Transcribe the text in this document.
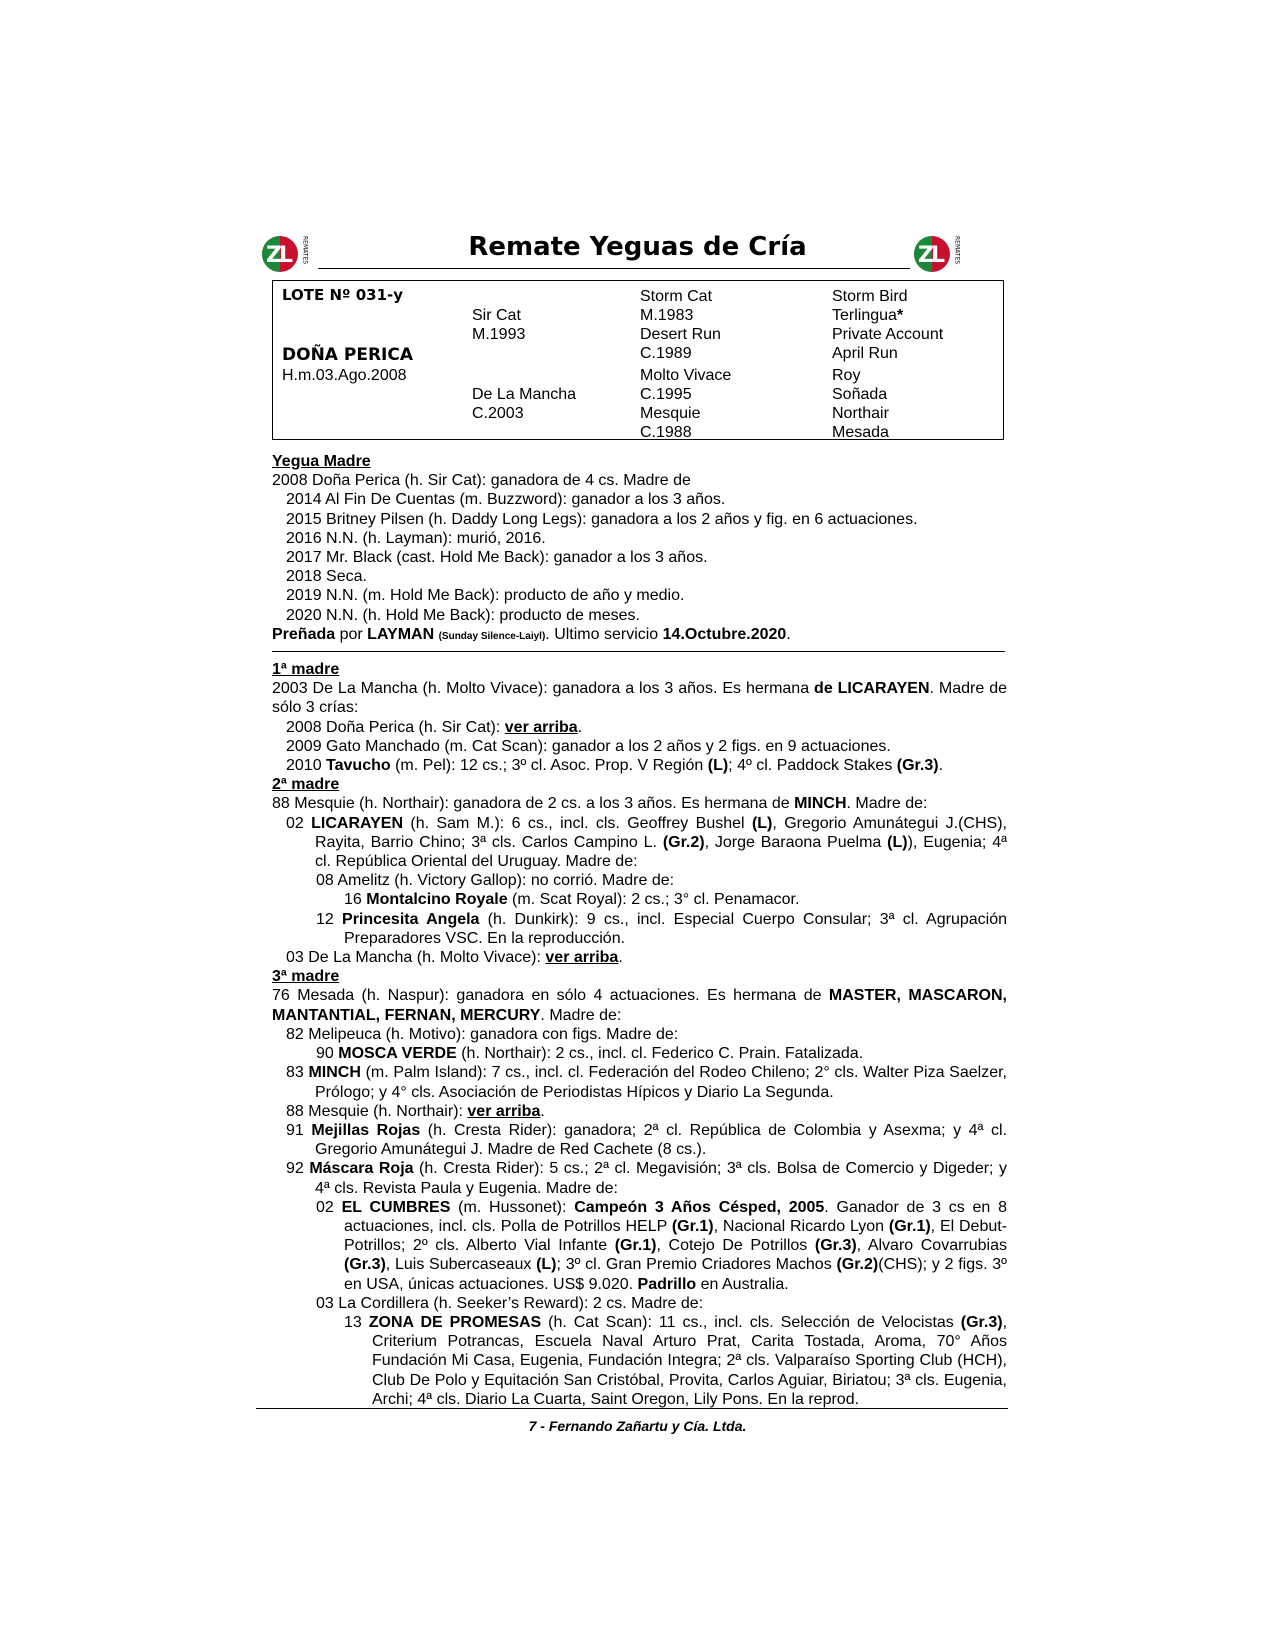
Z
L REMATES	Z
L REMATES
Remate Yeguas de Cría
LOTE Nº 031-y
DOÑA PERICA
H.m.03.Ago.2008
Sir Cat
M.1993
De La Mancha
C.2003
Storm Cat
M.1983
Desert Run
C.1989
Molto Vivace
C.1995
Mesquie
C.1988
Storm Bird
Terlingua*
Private Account
April Run
Roy
Soñada
Northair
Mesada

Yegua Madre

2008 Doña Perica (h. Sir Cat): ganadora de 4 cs. Madre de

2014 Al Fin De Cuentas (m. Buzzword): ganador a los 3 años.

2015 Britney Pilsen (h. Daddy Long Legs): ganadora a los 2 años y fig. en 6 actuaciones.

2016 N.N. (h. Layman): murió, 2016.

2017 Mr. Black (cast. Hold Me Back): ganador a los 3 años.

2018 Seca.

2019 N.N. (m. Hold Me Back): producto de año y medio.

2020 N.N. (h. Hold Me Back): producto de meses.

Preñada por LAYMAN (Sunday Silence-Laiyl). Ultimo servicio 14.Octubre.2020.

1ª madre

2003 De La Mancha (h. Molto Vivace): ganadora a los 3 años. Es hermana de LICARAYEN. Madre de sólo 3 crías:

2008 Doña Perica (h. Sir Cat): ver arriba.

2009 Gato Manchado (m. Cat Scan): ganador a los 2 años y 2 figs. en 9 actuaciones.

2010 Tavucho (m. Pel): 12 cs.; 3º cl. Asoc. Prop. V Región (L); 4º cl. Paddock Stakes (Gr.3).

2ª madre

88 Mesquie (h. Northair): ganadora de 2 cs. a los 3 años. Es hermana de MINCH. Madre de:

02 LICARAYEN (h. Sam M.): 6 cs., incl. cls. Geoffrey Bushel (L), Gregorio Amunátegui J.(CHS), Rayita, Barrio Chino; 3ª cls. Carlos Campino L. (Gr.2), Jorge Baraona Puelma (L)), Eugenia; 4ª cl. República Oriental del Uruguay. Madre de:

08 Amelitz (h. Victory Gallop): no corrió. Madre de:

16 Montalcino Royale (m. Scat Royal): 2 cs.; 3° cl. Penamacor.

12 Princesita Angela (h. Dunkirk): 9 cs., incl. Especial Cuerpo Consular; 3ª cl. Agrupación Preparadores VSC. En la reproducción.

03 De La Mancha (h. Molto Vivace): ver arriba.

3ª madre

76 Mesada (h. Naspur): ganadora en sólo 4 actuaciones. Es hermana de MASTER, MASCARON, MANTANTIAL, FERNAN, MERCURY. Madre de:

82 Melipeuca (h. Motivo): ganadora con figs. Madre de:

90 MOSCA VERDE (h. Northair): 2 cs., incl. cl. Federico C. Prain. Fatalizada.

83 MINCH (m. Palm Island): 7 cs., incl. cl. Federación del Rodeo Chileno; 2° cls. Walter Piza Saelzer, Prólogo; y 4° cls. Asociación de Periodistas Hípicos y Diario La Segunda.

88 Mesquie (h. Northair): ver arriba.

91 Mejillas Rojas (h. Cresta Rider): ganadora; 2ª cl. República de Colombia y Asexma; y 4ª cl. Gregorio Amunátegui J. Madre de Red Cachete (8 cs.).

92 Máscara Roja (h. Cresta Rider): 5 cs.; 2ª cl. Megavisión; 3ª cls. Bolsa de Comercio y Digeder; y 4ª cls. Revista Paula y Eugenia. Madre de:

02 EL CUMBRES (m. Hussonet): Campeón 3 Años Césped, 2005. Ganador de 3 cs en 8 actuaciones, incl. cls. Polla de Potrillos HELP (Gr.1), Nacional Ricardo Lyon (Gr.1), El Debut-Potrillos; 2º cls. Alberto Vial Infante (Gr.1), Cotejo De Potrillos (Gr.3), Alvaro Covarrubias (Gr.3), Luis Subercaseaux (L); 3º cl. Gran Premio Criadores Machos (Gr.2)(CHS); y 2 figs. 3º en USA, únicas actuaciones. US$ 9.020. Padrillo en Australia.

03 La Cordillera (h. Seeker’s Reward): 2 cs. Madre de:

13 ZONA DE PROMESAS (h. Cat Scan): 11 cs., incl. cls. Selección de Velocistas (Gr.3), Criterium Potrancas, Escuela Naval Arturo Prat, Carita Tostada, Aroma, 70° Años Fundación Mi Casa, Eugenia, Fundación Integra; 2ª cls. Valparaíso Sporting Club (HCH), Club De Polo y Equitación San Cristóbal, Provita, Carlos Aguiar, Biriatou; 3ª cls. Eugenia, Archi; 4ª cls. Diario La Cuarta, Saint Oregon, Lily Pons. En la reprod.

7 - Fernando Zañartu y Cía. Ltda.
